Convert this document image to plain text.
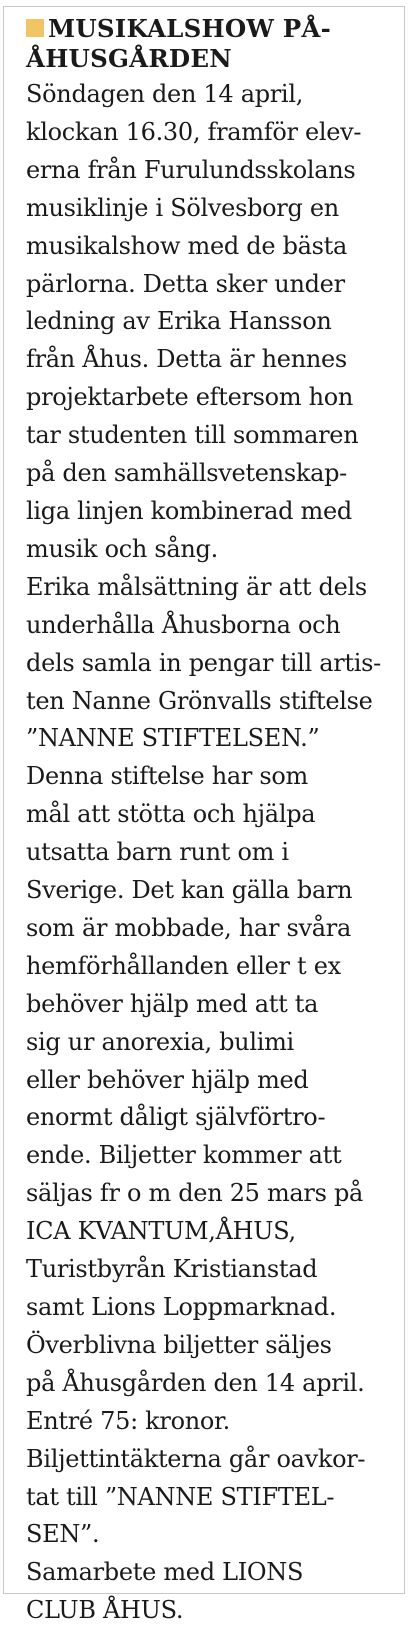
MUSIKALSHOW PÅ-
ÅHUSGÅRDEN
Söndagen den 14 april,
klockan 16.30, framför elev-
erna från Furulundsskolans
musiklinje i Sölvesborg en
musikalshow med de bästa
pärlorna. Detta sker under
ledning av Erika Hansson
från Åhus. Detta är hennes
projektarbete eftersom hon
tar studenten till sommaren
på den samhällsvetenskap-
liga linjen kombinerad med
musik och sång.
Erika målsättning är att dels
underhålla Åhusborna och
dels samla in pengar till artis-
ten Nanne Grönvalls stiftelse
”NANNE STIFTELSEN.”
Denna stiftelse har som
mål att stötta och hjälpa
utsatta barn runt om i
Sverige. Det kan gälla barn
som är mobbade, har svåra
hemförhållanden eller t ex
behöver hjälp med att ta
sig ur anorexia, bulimi
eller behöver hjälp med
enormt dåligt självförtro-
ende. Biljetter kommer att
säljas fr o m den 25 mars på
ICA KVANTUM,ÅHUS,
Turistbyrån Kristianstad
samt Lions Loppmarknad.
Överblivna biljetter säljes
på Åhusgården den 14 april.
Entré 75: kronor.
Biljettintäkterna går oavkor-
tat till ”NANNE STIFTEL-
SEN”.
Samarbete med LIONS
CLUB ÅHUS.
